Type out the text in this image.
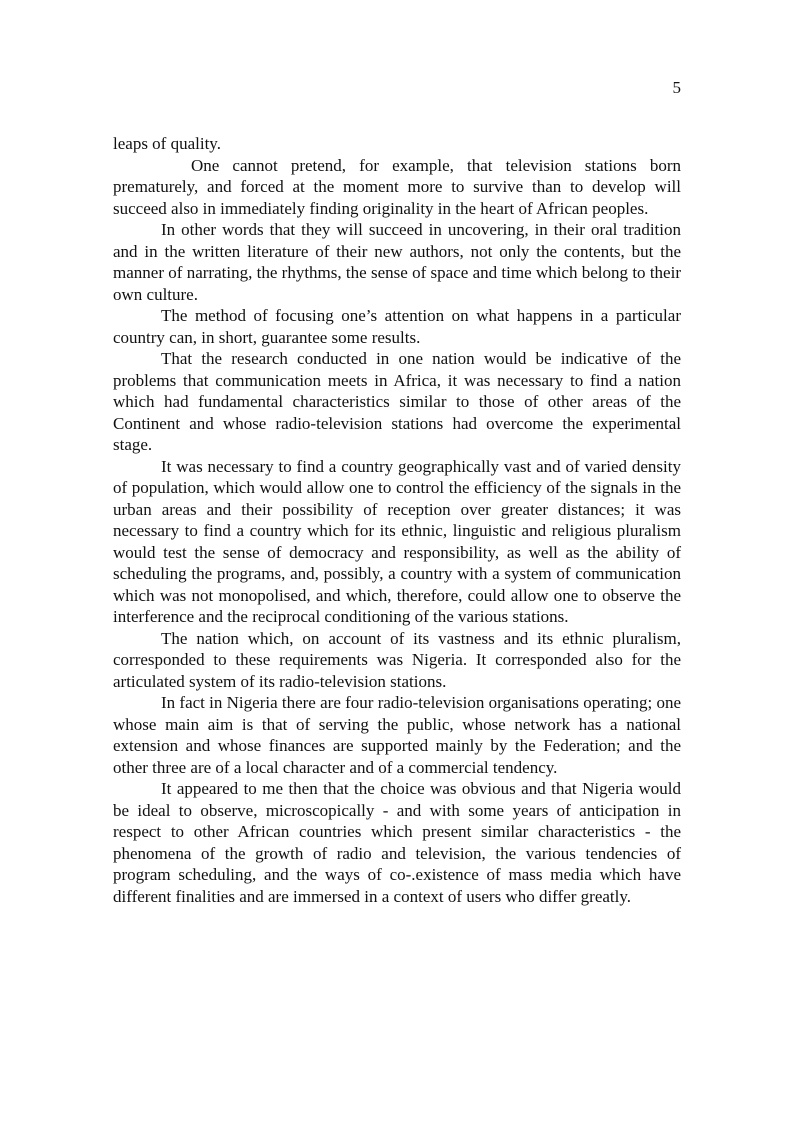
5

leaps of quality.

One cannot pretend, for example, that television stations born prematurely, and forced at the moment more to survive than to develop will succeed also in immediately finding originality in the heart of African peoples.

In other words that they will succeed in uncovering, in their oral tradition and in the written literature of their new authors, not only the contents, but the manner of narrating, the rhythms, the sense of space and time which belong to their own culture.

The method of focusing one’s attention on what happens in a particular country can, in short, guarantee some results.

That the research conducted in one nation would be indicative of the problems that communication meets in Africa, it was necessary to find a nation which had fundamental characteristics similar to those of other areas of the Continent and whose radio-television stations had overcome the experimental stage.

It was necessary to find a country geographically vast and of varied density of population, which would allow one to control the efficiency of the signals in the urban areas and their possibility of reception over greater distances; it was necessary to find a country which for its ethnic, linguistic and religious pluralism would test the sense of democracy and responsibility, as well as the ability of scheduling the programs, and, possibly, a country with a system of communication which was not monopolised, and which, therefore, could allow one to observe the interference and the reciprocal conditioning of the various stations.

The nation which, on account of its vastness and its ethnic pluralism, corresponded to these requirements was Nigeria. It corresponded also for the articulated system of its radio-television stations.

In fact in Nigeria there are four radio-television organisations operating; one whose main aim is that of serving the public, whose network has a national extension and whose finances are supported mainly by the Federation; and the other three are of a local character and of a commercial tendency.

It appeared to me then that the choice was obvious and that Nigeria would be ideal to observe, microscopically - and with some years of anticipation in respect to other African countries which present similar characteristics - the phenomena of the growth of radio and television, the various tendencies of program scheduling, and the ways of co-.existence of mass media which have different finalities and are immersed in a context of users who differ greatly.
